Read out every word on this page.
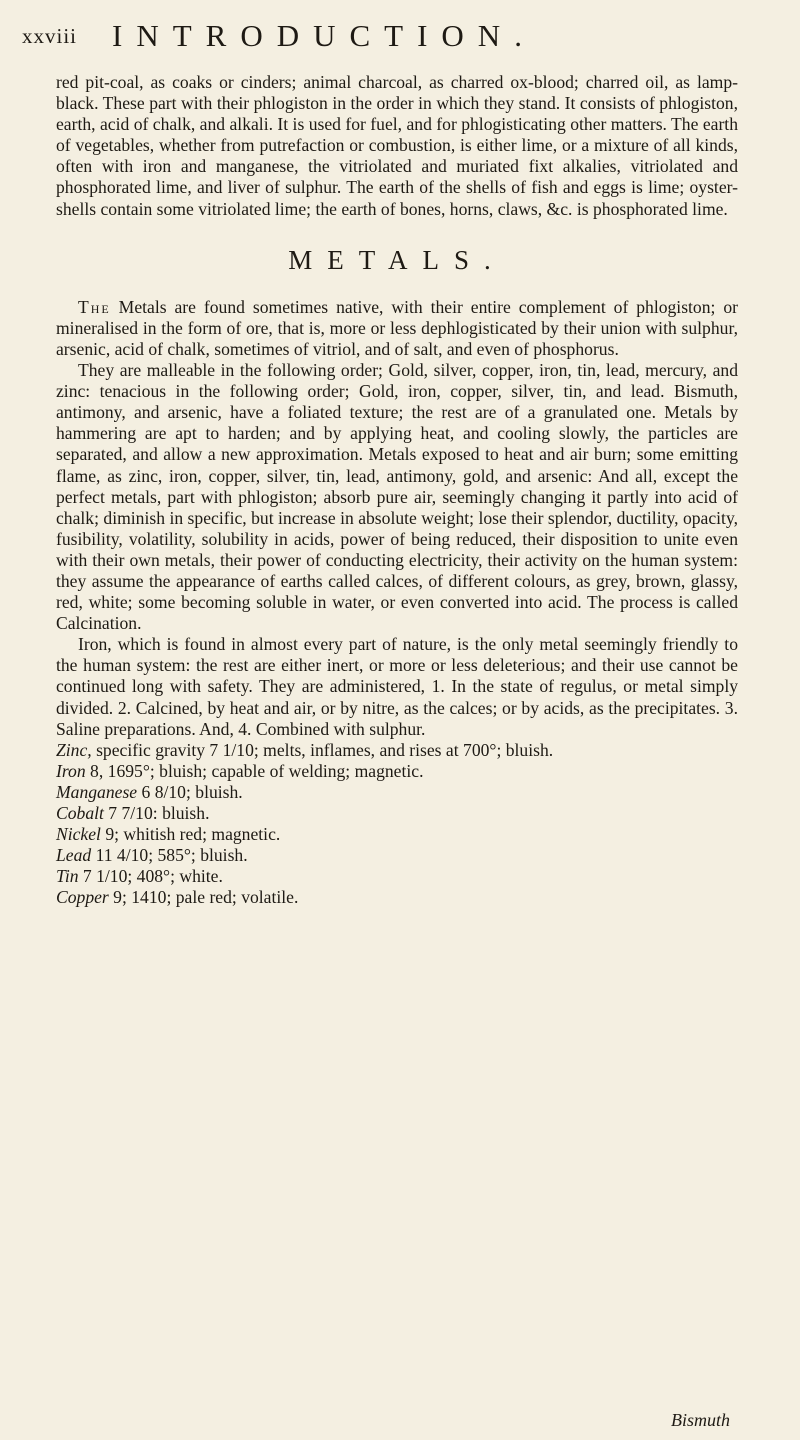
xxviii INTRODUCTION.

red pit-coal, as coaks or cinders; animal charcoal, as charred ox-blood; charred oil, as lamp-black. These part with their phlogiston in the order in which they stand. It consists of phlogiston, earth, acid of chalk, and alkali. It is used for fuel, and for phlogisticating other matters. The earth of vegetables, whether from putrefaction or combustion, is either lime, or a mixture of all kinds, often with iron and manganese, the vitriolated and muriated fixt alkalies, vitriolated and phosphorated lime, and liver of sulphur. The earth of the shells of fish and eggs is lime; oyster-shells contain some vitriolated lime; the earth of bones, horns, claws, &c. is phosphorated lime.

METALS.

The Metals are found sometimes native, with their entire complement of phlogiston; or mineralised in the form of ore, that is, more or less dephlogisticated by their union with sulphur, arsenic, acid of chalk, sometimes of vitriol, and of salt, and even of phosphorus.

They are malleable in the following order; Gold, silver, copper, iron, tin, lead, mercury, and zinc: tenacious in the following order; Gold, iron, copper, silver, tin, and lead. Bismuth, antimony, and arsenic, have a foliated texture; the rest are of a granulated one. Metals by hammering are apt to harden; and by applying heat, and cooling slowly, the particles are separated, and allow a new approximation. Metals exposed to heat and air burn; some emitting flame, as zinc, iron, copper, silver, tin, lead, antimony, gold, and arsenic: And all, except the perfect metals, part with phlogiston; absorb pure air, seemingly changing it partly into acid of chalk; diminish in specific, but increase in absolute weight; lose their splendor, ductility, opacity, fusibility, volatility, solubility in acids, power of being reduced, their disposition to unite even with their own metals, their power of conducting electricity, their activity on the human system: they assume the appearance of earths called calces, of different colours, as grey, brown, glassy, red, white; some becoming soluble in water, or even converted into acid. The process is called Calcination.

Iron, which is found in almost every part of nature, is the only metal seemingly friendly to the human system: the rest are either inert, or more or less deleterious; and their use cannot be continued long with safety. They are administered, 1. In the state of regulus, or metal simply divided. 2. Calcined, by heat and air, or by nitre, as the calces; or by acids, as the precipitates. 3. Saline preparations. And, 4. Combined with sulphur.

Zinc, specific gravity 7 1/10; melts, inflames, and rises at 700°; bluish.
Iron 8, 1695°; bluish; capable of welding; magnetic.
Manganese 6 8/10; bluish.
Cobalt 7 7/10: bluish.
Nickel 9; whitish red; magnetic.
Lead 11 4/10; 585°; bluish.
Tin 7 1/10; 408°; white.
Copper 9; 1410; pale red; volatile.
Bismuth
